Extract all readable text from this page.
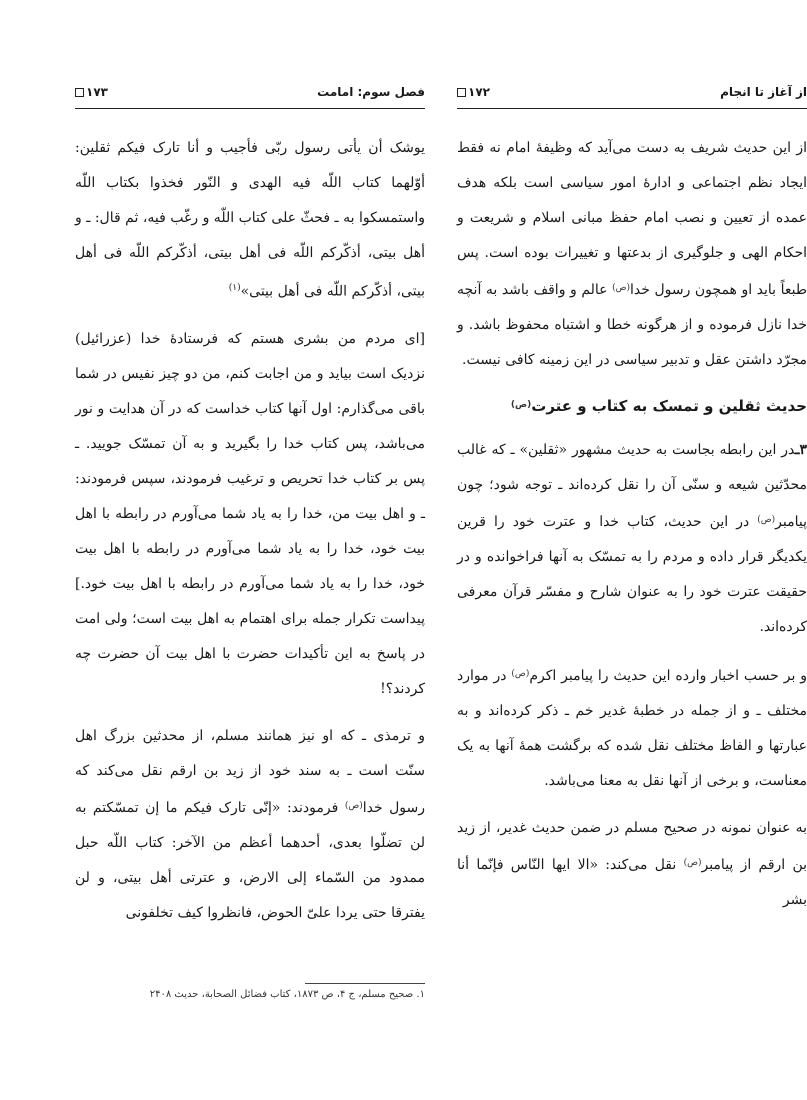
فصل سوم: امامت
۱۷۳

یوشک أن یأتی رسول ربّی فأجیب و أنا تارک فیکم ثقلین: أوّلهما کتاب اللّه فیه الهدی و النّور فخذوا بکتاب اللّه واستمسکوا به ـ فحثّ علی کتاب اللّه و رغّب فیه، ثم قال: ـ و أهل بیتی، أذکّرکم اللّه فی أهل بیتی، أذکّرکم اللّه فی أهل بیتی، أذکّرکم اللّه فی أهل بیتی»$^{(۱)}$

[ای مردم من بشری هستم که فرستادهٔ خدا (عزرائیل) نزدیک است بیاید و من اجابت کنم، من دو چیز نفیس در شما باقی می‌گذارم: اول آنها کتاب خداست که در آن هدایت و نور می‌باشد، پس کتاب خدا را بگیرید و به آن تمسّک جویید. ـ پس بر کتاب خدا تحریص و ترغیب فرمودند، سپس فرمودند: ـ و اهل بیت من، خدا را به یاد شما می‌آورم در رابطه با اهل بیت خود، خدا را به یاد شما می‌آورم در رابطه با اهل بیت خود، خدا را به یاد شما می‌آورم در رابطه با اهل بیت خود.] پیداست تکرار جمله برای اهتمام به اهل بیت است؛ ولی امت در پاسخ به این تأکیدات حضرت با اهل بیت آن حضرت چه کردند؟!

و ترمذی ـ که او نیز همانند مسلم، از محدثین بزرگ اهل سنّت است ـ به سند خود از زید بن ارقم نقل می‌کند که رسول خدا$^{(ص)}$ فرمودند: «إنّی تارک فیکم ما إن تمسّکتم به لن تضلّوا بعدی، أحدهما أعظم من الآخر: کتاب اللّه حبل ممدود من السّماء إلی الارض، و عترتی أهل بیتی، و لن یفترقا حتی یردا علیّ الحوض، فانظروا کیف تخلفونی

۱. صحیح مسلم، ج ۴، ص ۱۸۷۳، کتاب فضائل الصحابة، حدیث ۲۴۰۸
از آغاز تا انجام
۱۷۲

از این حدیث شریف به دست می‌آید که وظیفهٔ امام نه فقط ایجاد نظم اجتماعی و ادارهٔ امور سیاسی است بلکه هدف عمده از تعیین و نصب امام حفظ مبانی اسلام و شریعت و احکام الهی و جلوگیری از بدعتها و تغییرات بوده است. پس طبعاً باید او همچون رسول خدا$^{(ص)}$ عالم و واقف باشد به آنچه خدا نازل فرموده و از هرگونه خطا و اشتباه محفوظ باشد. و مجرّد داشتن عقل و تدبیر سیاسی در این زمینه کافی نیست.

حدیث ثقلین و تمسک به کتاب و عترت$^{(ص)}$

۳ـدر این رابطه بجاست به حدیث مشهور «ثقلین» ـ که غالب محدّثین شیعه و سنّی آن را نقل کرده‌اند ـ توجه شود؛ چون پیامبر$^{(ص)}$ در این حدیث، کتاب خدا و عترت خود را قرین یکدیگر قرار داده و مردم را به تمسّک به آنها فراخوانده و در حقیقت عترت خود را به عنوان شارح و مفسّر قرآن معرفی کرده‌اند.

و بر حسب اخبار وارده این حدیث را پیامبر اکرم$^{(ص)}$ در موارد مختلف ـ و از جمله در خطبهٔ غدیر خم ـ ذکر کرده‌اند و به عبارتها و الفاظ مختلف نقل شده که برگشت همهٔ آنها به یک معناست، و برخی از آنها نقل به معنا می‌باشد.

به عنوان نمونه در صحیح مسلم در ضمن حدیث غدیر، از زید بن ارقم از پیامبر$^{(ص)}$ نقل می‌کند: «الا ایها النّاس فإنّما أنا بشر
